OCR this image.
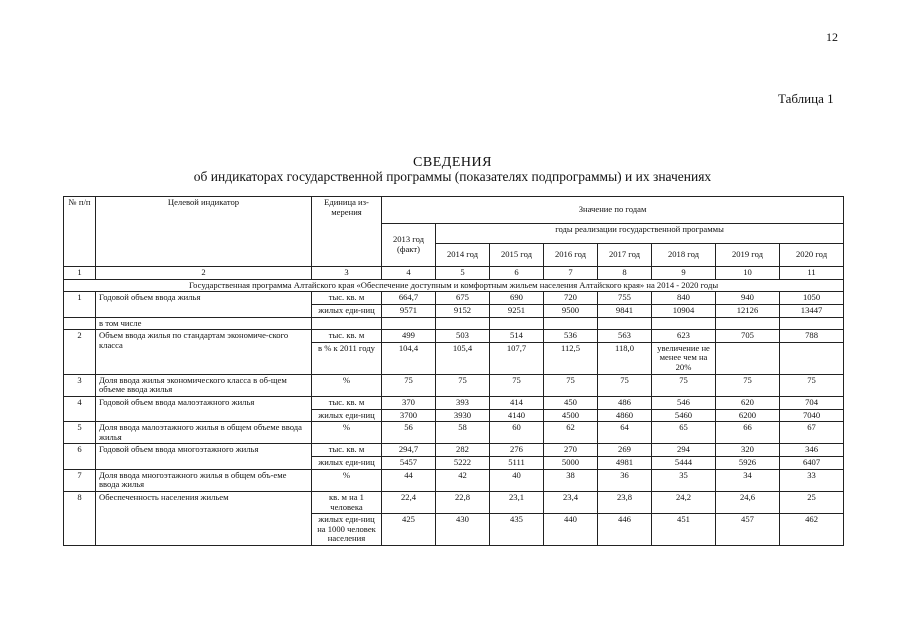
12
Таблица 1
СВЕДЕНИЯ
об индикаторах государственной программы (показателях подпрограммы) и их значениях
№ п/п	Целевой индикатор	Единица из-мерения	Значение по годам							
			2013 год (факт)	годы реализации государственной программы						
				2014 год	2015 год	2016 год	2017 год	2018 год	2019 год	2020 год
1	2	3	4	5	6	7	8	9	10	11
Государственная программа Алтайского края «Обеспечение доступным и комфортным жильем населения Алтайского края» на 2014 - 2020 годы										
1	Годовой объем ввода жилья	тыс. кв. м	664,7	675	690	720	755	840	940	1050
		жилых еди-ниц	9571	9152	9251	9500	9841	10904	12126	13447
	в том числе									
2	Объем ввода жилья по стандартам экономиче-ского класса	тыс. кв. м	499	503	514	536	563	623	705	788
		в % к 2011 году	104,4	105,4	107,7	112,5	118,0	увеличение не менее чем на 20%		
3	Доля ввода жилья экономического класса в об-щем объеме ввода жилья	%	75	75	75	75	75	75	75	75
4	Годовой объем ввода малоэтажного жилья	тыс. кв. м	370	393	414	450	486	546	620	704
		жилых еди-ниц	3700	3930	4140	4500	4860	5460	6200	7040
5	Доля ввода малоэтажного жилья в общем объеме ввода жилья	%	56	58	60	62	64	65	66	67
6	Годовой объем ввода многоэтажного жилья	тыс. кв. м	294,7	282	276	270	269	294	320	346
		жилых еди-ниц	5457	5222	5111	5000	4981	5444	5926	6407
7	Доля ввода многоэтажного жилья в общем объ-еме ввода жилья	%	44	42	40	38	36	35	34	33
8	Обеспеченность населения жильем	кв. м на 1 человека	22,4	22,8	23,1	23,4	23,8	24,2	24,6	25
		жилых еди-ниц на 1000 человек населения	425	430	435	440	446	451	457	462
